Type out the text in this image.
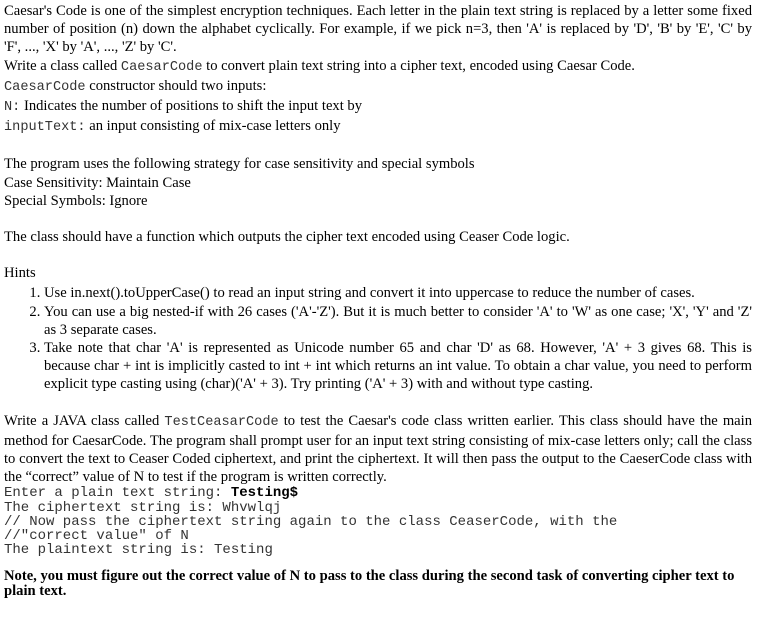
Caesar's Code is one of the simplest encryption techniques. Each letter in the plain text string is replaced by a letter some fixed number of position (n) down the alphabet cyclically. For example, if we pick n=3, then 'A' is replaced by 'D', 'B' by 'E', 'C' by 'F', ..., 'X' by 'A', ..., 'Z' by 'C'.

Write a class called CaesarCode to convert plain text string into a cipher text, encoded using Caesar Code.

CaesarCode constructor should two inputs:

N: Indicates the number of positions to shift the input text by

inputText: an input consisting of mix-case letters only

The program uses the following strategy for case sensitivity and special symbols

Case Sensitivity: Maintain Case

Special Symbols: Ignore

The class should have a function which outputs the cipher text encoded using Ceaser Code logic.

Hints

1. Use in.next().toUpperCase() to read an input string and convert it into uppercase to reduce the number of cases.
2. You can use a big nested-if with 26 cases ('A'-'Z'). But it is much better to consider 'A' to 'W' as one case; 'X', 'Y' and 'Z' as 3 separate cases.
3. Take note that char 'A' is represented as Unicode number 65 and char 'D' as 68. However, 'A' + 3 gives 68. This is because char + int is implicitly casted to int + int which returns an int value. To obtain a char value, you need to perform explicit type casting using (char)('A' + 3). Try printing ('A' + 3) with and without type casting.

Write a JAVA class called TestCeasarCode to test the Caesar's code class written earlier. This class should have the main method for CaesarCode. The program shall prompt user for an input text string consisting of mix-case letters only; call the class to convert the text to Ceaser Coded ciphertext, and print the ciphertext. It will then pass the output to the CaeserCode class with the “correct” value of N to test if the program is written correctly.

Enter a plain text string: Testing$
The ciphertext string is: Whvwlqj
// Now pass the ciphertext string again to the class CeaserCode, with the
//"correct value" of N
The plaintext string is: Testing

Note, you must figure out the correct value of N to pass to the class during the second task of converting cipher text to plain text.
